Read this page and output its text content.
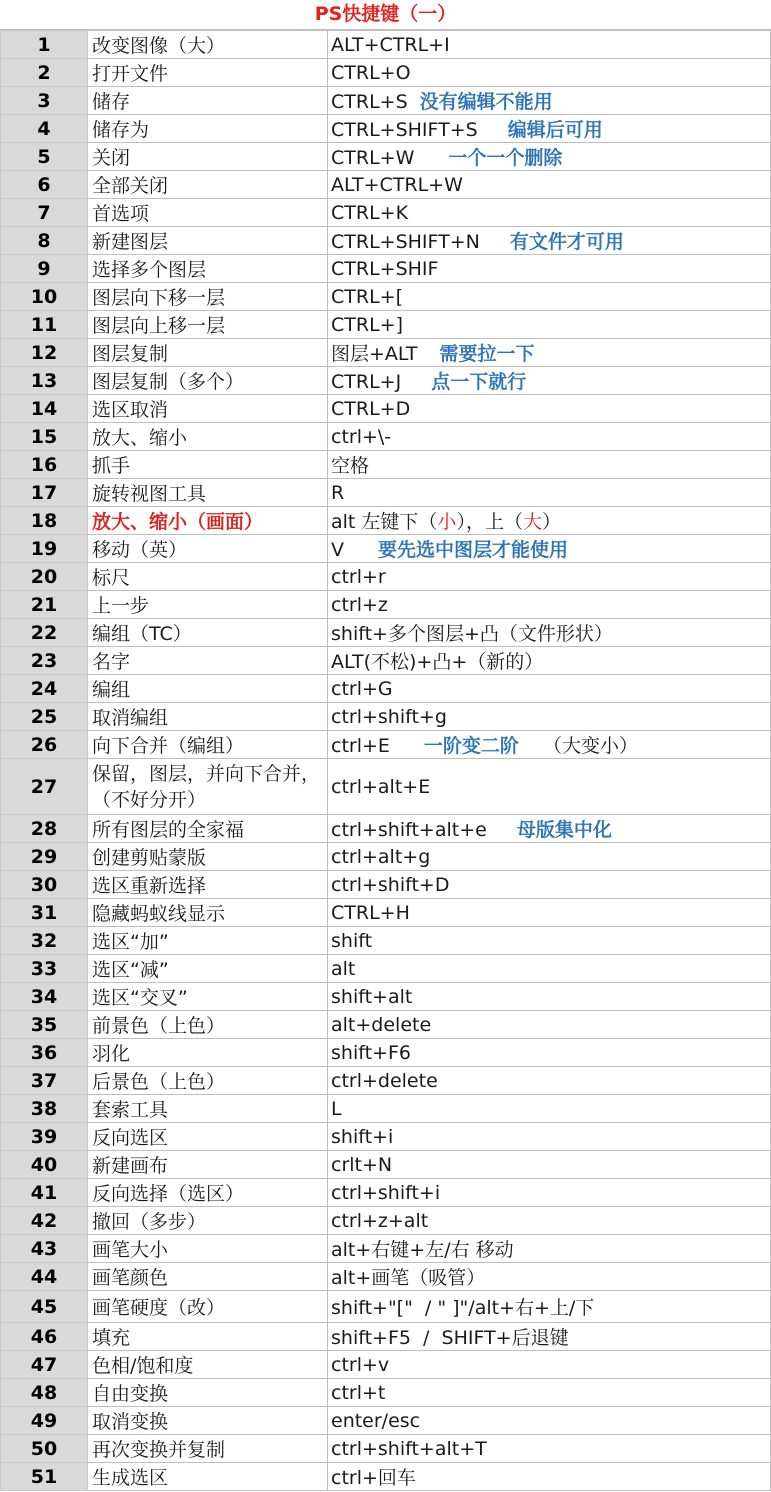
PS快捷键（一）
1	改变图像（大）	ALT+CTRL+I
2	打开文件	CTRL+O
3	储存	CTRL+S 没有编辑不能用
4	储存为	CTRL+SHIFT+S 编辑后可用
5	关闭	CTRL+W 一个一个删除
6	全部关闭	ALT+CTRL+W
7	首选项	CTRL+K
8	新建图层	CTRL+SHIFT+N 有文件才可用
9	选择多个图层	CTRL+SHIF
10	图层向下移一层	CTRL+[
11	图层向上移一层	CTRL+]
12	图层复制	图层+ALT 需要拉一下
13	图层复制（多个）	CTRL+J 点一下就行
14	选区取消	CTRL+D
15	放大、缩小	ctrl+\-
16	抓手	空格
17	旋转视图工具	R
18	放大、缩小（画面）	alt 左键下（小），上（大）
19	移动（英）	V 要先选中图层才能使用
20	标尺	ctrl+r
21	上一步	ctrl+z
22	编组（TC）	shift+多个图层+凸（文件形状）
23	名字	ALT(不松)+凸+（新的）
24	编组	ctrl+G
25	取消编组	ctrl+shift+g
26	向下合并（编组）	ctrl+E 一阶变二阶 （大变小）
27	保留，图层，并向下合并，（不好分开）	ctrl+alt+E
28	所有图层的全家福	ctrl+shift+alt+e 母版集中化
29	创建剪贴蒙版	ctrl+alt+g
30	选区重新选择	ctrl+shift+D
31	隐藏蚂蚁线显示	CTRL+H
32	选区“加”	shift
33	选区“减”	alt
34	选区“交叉”	shift+alt
35	前景色（上色）	alt+delete
36	羽化	shift+F6
37	后景色（上色）	ctrl+delete
38	套索工具	L
39	反向选区	shift+i
40	新建画布	crlt+N
41	反向选择（选区）	ctrl+shift+i
42	撤回（多步）	ctrl+z+alt
43	画笔大小	alt+右键+左/右 移动
44	画笔颜色	alt+画笔（吸管）
45	画笔硬度（改）	shift+"["  / " ]"/alt+右+上/下
46	填充	shift+F5  /  SHIFT+后退键
47	色相/饱和度	ctrl+v
48	自由变换	ctrl+t
49	取消变换	enter/esc
50	再次变换并复制	ctrl+shift+alt+T
51	生成选区	ctrl+回车
